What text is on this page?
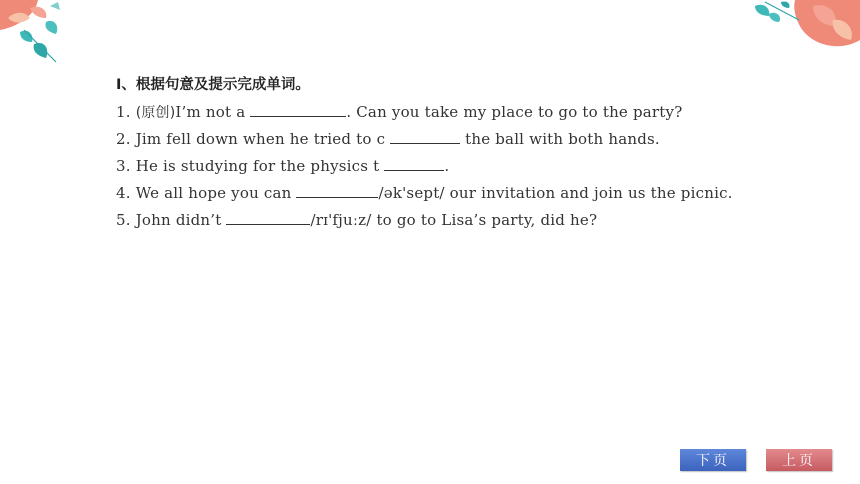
Ⅰ、根据句意及提示完成单词。
1. (原创)I’m not a	. Can you take my place to go to the party?
2. Jim fell down when he tried to c	the ball with both hands.
3. He is studying for the physics t	.
4. We all hope you can	/ək'sept/ our invitation and join us the picnic.
5. John didn’t	/rɪ'fjuːz/ to go to Lisa’s party, did he?
下页	上页
